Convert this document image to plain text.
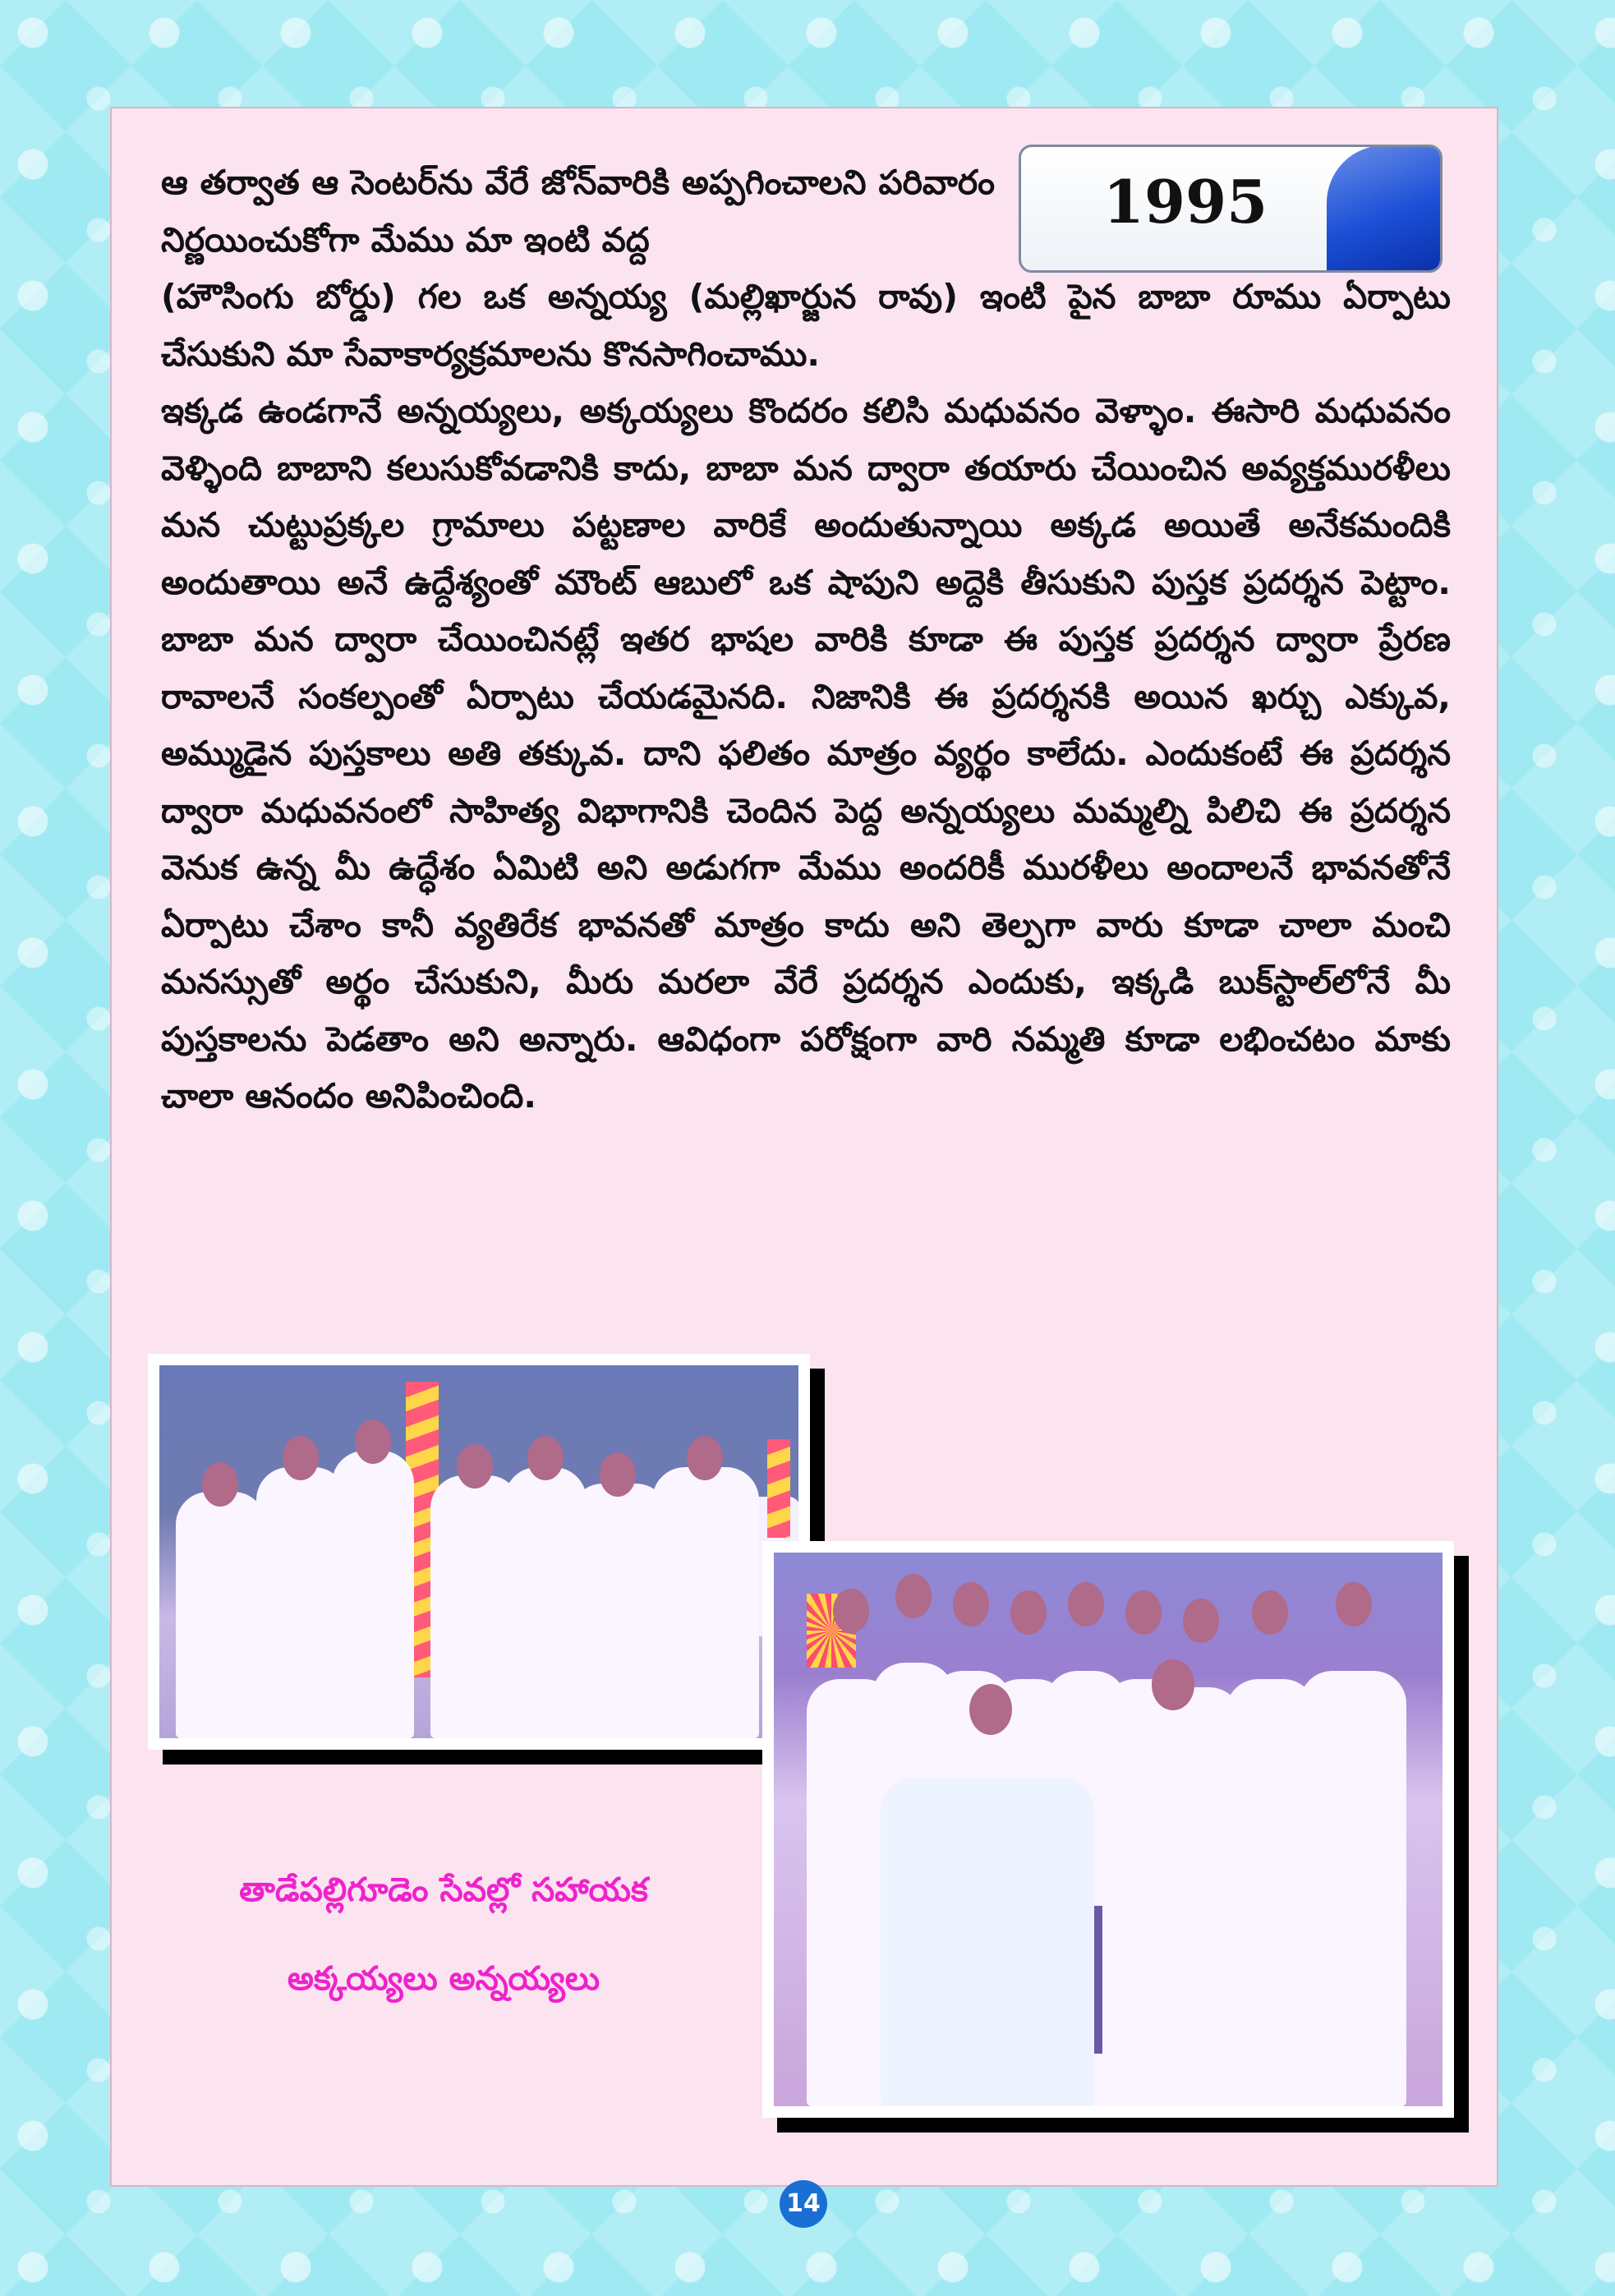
1995
ఆ తర్వాత ఆ సెంటర్‌ను వేరే జోన్‌వారికి అప్పగించాలని పరివారం నిర్ణయించుకోగా మేము మా ఇంటి వద్ద
(హౌసింగు బోర్డు) గల ఒక అన్నయ్య (మల్లిఖార్జున రావు) ఇంటి పైన బాబా రూము ఏర్పాటు చేసుకుని మా సేవాకార్యక్రమాలను కొనసాగించాము.
ఇక్కడ ఉండగానే అన్నయ్యలు, అక్కయ్యలు కొందరం కలిసి మధువనం వెళ్ళాం. ఈసారి మధువనం వెళ్ళింది బాబాని కలుసుకోవడానికి కాదు, బాబా మన ద్వారా తయారు చేయించిన అవ్యక్తమురళీలు మన చుట్టుప్రక్కల గ్రామాలు పట్టణాల వారికే అందుతున్నాయి అక్కడ అయితే అనేకమందికి అందుతాయి అనే ఉద్దేశ్యంతో మౌంట్ ఆబులో ఒక షాపుని అద్దెకి తీసుకుని పుస్తక ప్రదర్శన పెట్టాం. బాబా మన ద్వారా చేయించినట్లే ఇతర భాషల వారికి కూడా ఈ పుస్తక ప్రదర్శన ద్వారా ప్రేరణ రావాలనే సంకల్పంతో ఏర్పాటు చేయడమైనది. నిజానికి ఈ ప్రదర్శనకి అయిన ఖర్చు ఎక్కువ, అమ్ముడైన పుస్తకాలు అతి తక్కువ. దాని ఫలితం మాత్రం వ్యర్థం కాలేదు. ఎందుకంటే ఈ ప్రదర్శన ద్వారా మధువనంలో సాహిత్య విభాగానికి చెందిన పెద్ద అన్నయ్యలు మమ్మల్ని పిలిచి ఈ ప్రదర్శన వెనుక ఉన్న మీ ఉద్ధేశం ఏమిటి అని అడుగగా మేము అందరికీ మురళీలు అందాలనే భావనతోనే ఏర్పాటు చేశాం కానీ వ్యతిరేక భావనతో మాత్రం కాదు అని తెల్పగా వారు కూడా చాలా మంచి మనస్సుతో అర్థం చేసుకుని, మీరు మరలా వేరే ప్రదర్శన ఎందుకు, ఇక్కడి బుక్‌స్టాల్‌లోనే మీ పుస్తకాలను పెడతాం అని అన్నారు. ఆవిధంగా పరోక్షంగా వారి నమ్మతి కూడా లభించటం మాకు చాలా ఆనందం అనిపించింది.
తాడేపల్లిగూడెం సేవల్లో సహాయక
అక్కయ్యలు అన్నయ్యలు
14
